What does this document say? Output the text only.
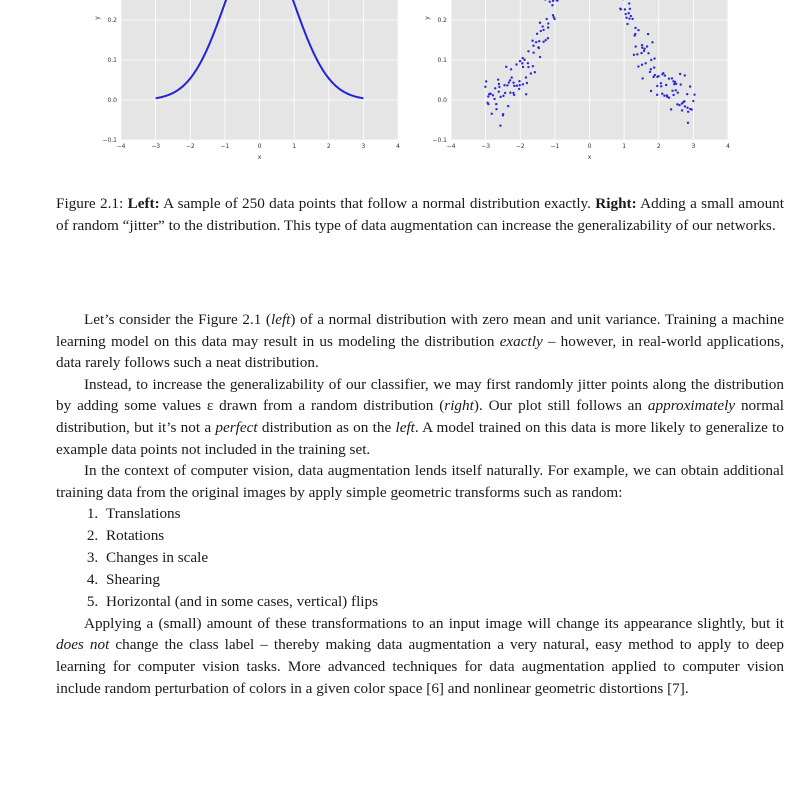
−4	−3	−2	−1	0	1	2	3	4
−0.1
0.0
0.1
0.2
x
y
−4	−3	−2	−1	0	1	2	3	4
−0.1
0.0
0.1
0.2
x
y
Figure 2.1: Left: A sample of 250 data points that follow a normal distribution exactly. Right: Adding a small amount of random “jitter” to the distribution. This type of data augmentation can increase the generalizability of our networks.

Let’s consider the Figure 2.1 (left) of a normal distribution with zero mean and unit variance. Training a machine learning model on this data may result in us modeling the distribution exactly – however, in real-world applications, data rarely follows such a neat distribution.

Instead, to increase the generalizability of our classifier, we may first randomly jitter points along the distribution by adding some values ε drawn from a random distribution (right). Our plot still follows an approximately normal distribution, but it’s not a perfect distribution as on the left. A model trained on this data is more likely to generalize to example data points not included in the training set.

In the context of computer vision, data augmentation lends itself naturally. For example, we can obtain additional training data from the original images by apply simple geometric transforms such as random:

1. Translations
2. Rotations
3. Changes in scale
4. Shearing
5. Horizontal (and in some cases, vertical) flips

Applying a (small) amount of these transformations to an input image will change its appearance slightly, but it does not change the class label – thereby making data augmentation a very natural, easy method to apply to deep learning for computer vision tasks. More advanced techniques for data augmentation applied to computer vision include random perturbation of colors in a given color space [6] and nonlinear geometric distortions [7].
